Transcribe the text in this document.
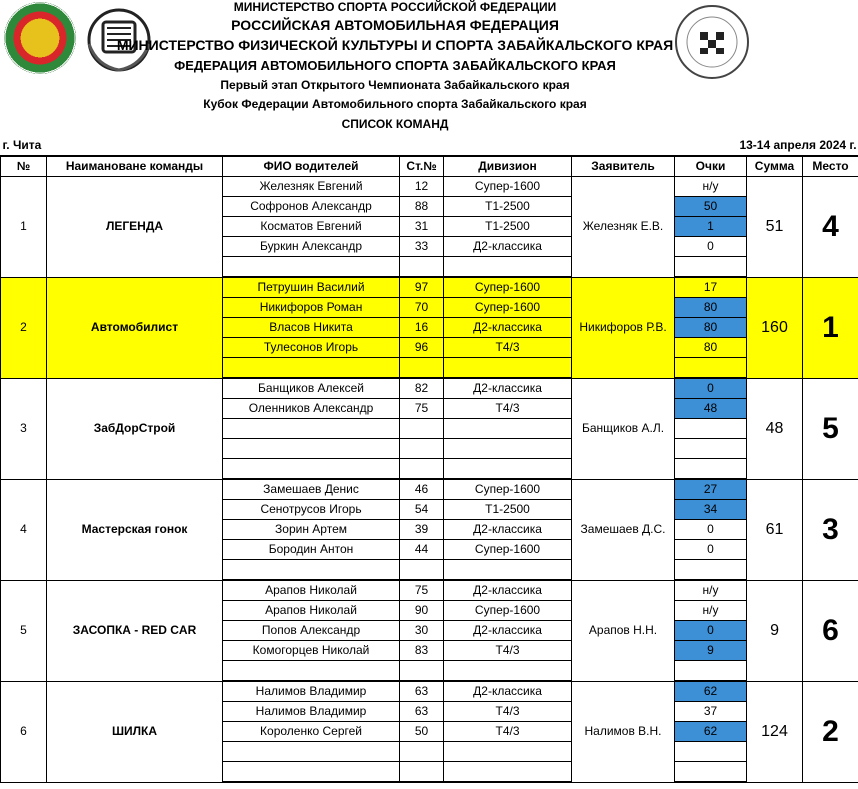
МИНИСТЕРСТВО СПОРТА РОССИЙСКОЙ ФЕДЕРАЦИИ
РОССИЙСКАЯ АВТОМОБИЛЬНАЯ ФЕДЕРАЦИЯ
МИНИСТЕРСТВО ФИЗИЧЕСКОЙ КУЛЬТУРЫ И СПОРТА ЗАБАЙКАЛЬСКОГО КРАЯ
ФЕДЕРАЦИЯ АВТОМОБИЛЬНОГО СПОРТА ЗАБАЙКАЛЬСКОГО КРАЯ
Первый этап Открытого Чемпионата Забайкальского края
Кубок Федерации Автомобильного спорта Забайкальского края
СПИСОК КОМАНД
г. Чита						13-14 апреля 2024 г.		
№	Наимановане команды	ФИО водителей	Ст.№	Дивизион	Заявитель	Очки	Сумма	Место
1	ЛЕГЕНДА	Железняк Евгений	12	Супер-1600	Железняк Е.В.	н/у	51	4
		Софронов Александр	88	Т1-2500		50		
		Косматов Евгений	31	Т1-2500		1		
		Буркин Александр	33	Д2-классика		0		

2	Автомобилист	Петрушин Василий	97	Супер-1600	Никифоров Р.В.	17	160	1
		Никифоров Роман	70	Супер-1600		80		
		Власов Никита	16	Д2-классика		80		
		Тулесонов Игорь	96	Т4/3		80		

3	ЗабДорСтрой	Банщиков Алексей	82	Д2-классика	Банщиков А.Л.	0	48	5
		Оленников Александр	75	Т4/3		48		

4	Мастерская гонок	Замешаев Денис	46	Супер-1600	Замешаев Д.С.	27	61	3
		Сенотрусов Игорь	54	Т1-2500		34		
		Зорин Артем	39	Д2-классика		0		
		Бородин Антон	44	Супер-1600		0		

5	ЗАСОПКА - RED CAR	Арапов Николай	75	Д2-классика	Арапов Н.Н.	н/у	9	6
		Арапов Николай	90	Супер-1600		н/у		
		Попов Александр	30	Д2-классика		0		
		Комогорцев Николай	83	Т4/3		9		

6	ШИЛКА	Налимов Владимир	63	Д2-классика	Налимов В.Н.	62	124	2
		Налимов Владимир	63	Т4/3		37		
		Короленко Сергей	50	Т4/3		62		
